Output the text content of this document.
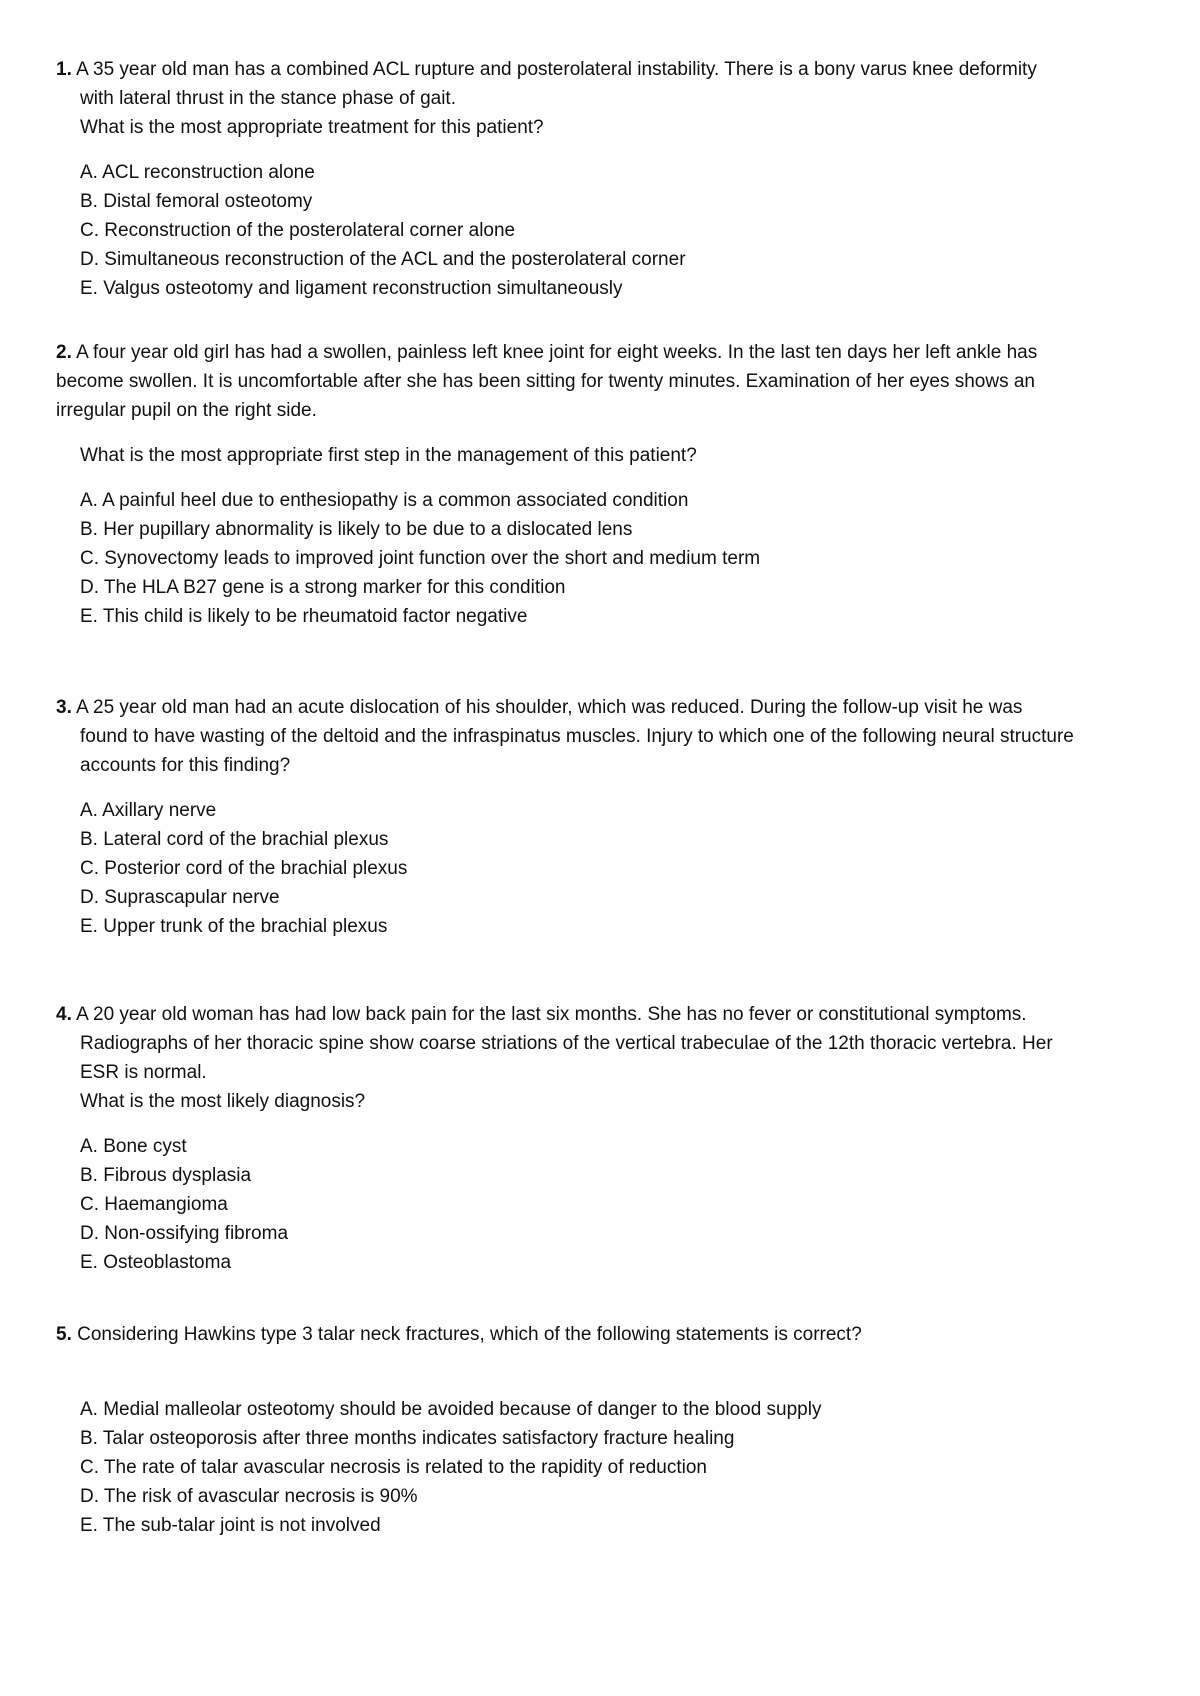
1. A 35 year old man has a combined ACL rupture and posterolateral instability. There is a bony varus knee deformity

with lateral thrust in the stance phase of gait.

What is the most appropriate treatment for this patient?

A. ACL reconstruction alone
B. Distal femoral osteotomy
C. Reconstruction of the posterolateral corner alone
D. Simultaneous reconstruction of the ACL and the posterolateral corner
E. Valgus osteotomy and ligament reconstruction simultaneously

2. A four year old girl has had a swollen, painless left knee joint for eight weeks. In the last ten days her left ankle has

become swollen. It is uncomfortable after she has been sitting for twenty minutes. Examination of her eyes shows an

irregular pupil on the right side.

What is the most appropriate first step in the management of this patient?

A. A painful heel due to enthesiopathy is a common associated condition
B. Her pupillary abnormality is likely to be due to a dislocated lens
C. Synovectomy leads to improved joint function over the short and medium term
D. The HLA B27 gene is a strong marker for this condition
E. This child is likely to be rheumatoid factor negative

3. A 25 year old man had an acute dislocation of his shoulder, which was reduced. During the follow-up visit he was

found to have wasting of the deltoid and the infraspinatus muscles. Injury to which one of the following neural structure

accounts for this finding?

A. Axillary nerve
B. Lateral cord of the brachial plexus
C. Posterior cord of the brachial plexus
D. Suprascapular nerve
E. Upper trunk of the brachial plexus

4. A 20 year old woman has had low back pain for the last six months. She has no fever or constitutional symptoms.

Radiographs of her thoracic spine show coarse striations of the vertical trabeculae of the 12th thoracic vertebra. Her

ESR is normal.

What is the most likely diagnosis?

A. Bone cyst
B. Fibrous dysplasia
C. Haemangioma
D. Non-ossifying fibroma
E. Osteoblastoma

5. Considering Hawkins type 3 talar neck fractures, which of the following statements is correct?

A. Medial malleolar osteotomy should be avoided because of danger to the blood supply
B. Talar osteoporosis after three months indicates satisfactory fracture healing
C. The rate of talar avascular necrosis is related to the rapidity of reduction
D. The risk of avascular necrosis is 90%
E. The sub-talar joint is not involved
